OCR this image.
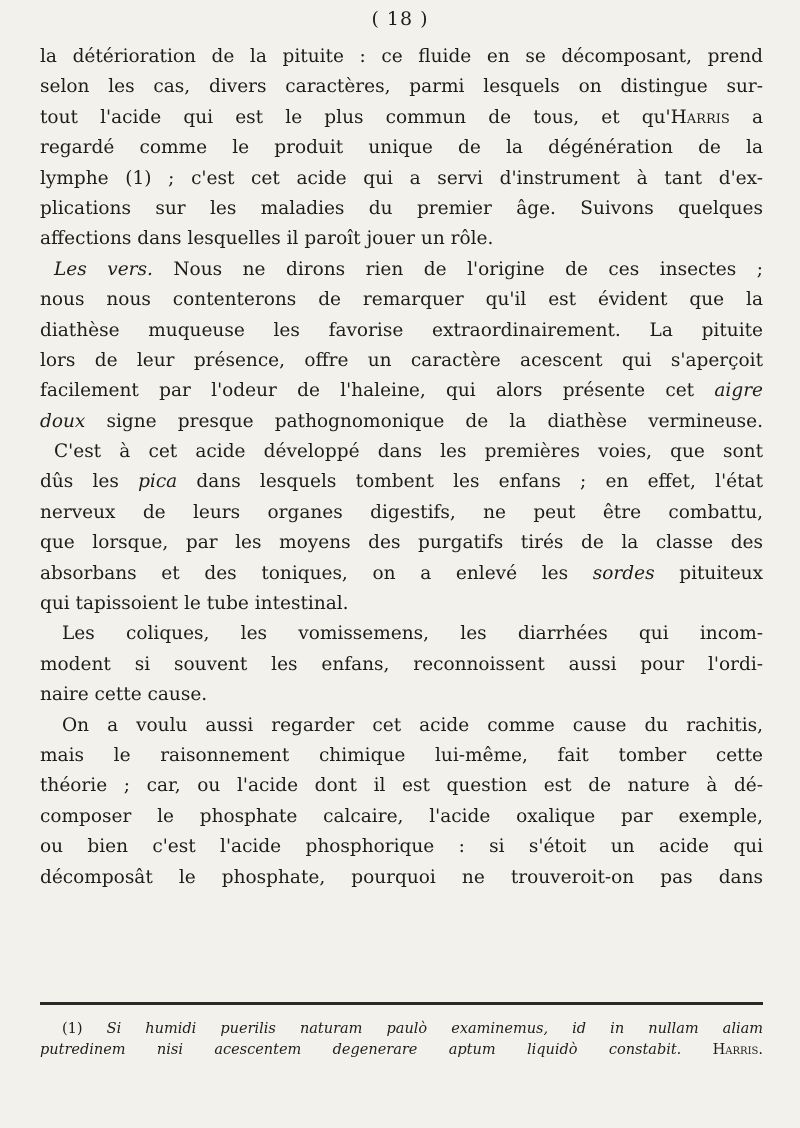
( 18 )
la détérioration de la pituite : ce fluide en se décomposant, prend
selon les cas, divers caractères, parmi lesquels on distingue sur-
tout l'acide qui est le plus commun de tous, et qu'Harris a
regardé comme le produit unique de la dégénération de la
lymphe (1) ; c'est cet acide qui a servi d'instrument à tant d'ex-
plications sur les maladies du premier âge. Suivons quelques
affections dans lesquelles il paroît jouer un rôle.
Les vers. Nous ne dirons rien de l'origine de ces insectes ;
nous nous contenterons de remarquer qu'il est évident que la
diathèse muqueuse les favorise extraordinairement. La pituite
lors de leur présence, offre un caractère acescent qui s'aperçoit
facilement par l'odeur de l'haleine, qui alors présente cet aigre
doux signe presque pathognomonique de la diathèse vermineuse.
C'est à cet acide développé dans les premières voies, que sont
dûs les pica dans lesquels tombent les enfans ; en effet, l'état
nerveux de leurs organes digestifs, ne peut être combattu,
que lorsque, par les moyens des purgatifs tirés de la classe des
absorbans et des toniques, on a enlevé les sordes pituiteux
qui tapissoient le tube intestinal.
Les coliques, les vomissemens, les diarrhées qui incom-
modent si souvent les enfans, reconnoissent aussi pour l'ordi-
naire cette cause.
On a voulu aussi regarder cet acide comme cause du rachitis,
mais le raisonnement chimique lui-même, fait tomber cette
théorie ; car, ou l'acide dont il est question est de nature à dé-
composer le phosphate calcaire, l'acide oxalique par exemple,
ou bien c'est l'acide phosphorique : si s'étoit un acide qui
décomposât le phosphate, pourquoi ne trouveroit-on pas dans
(1) Si humidi puerilis naturam paulò examinemus, id in nullam aliam
putredinem nisi acescentem degenerare aptum liquidò constabit. Harris.
